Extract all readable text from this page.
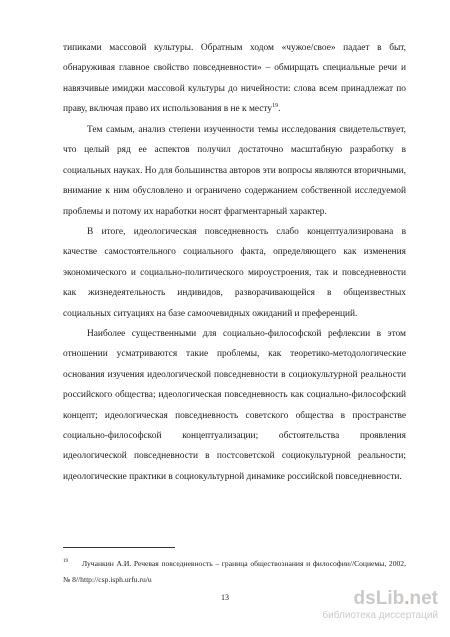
типиками массовой культуры. Обратным ходом «чужое/свое» падает в быт, обнаруживая главное свойство повседневности» – обмирщать специальные речи и навязчивые имиджи массовой культуры до ничейности: слова всем принадлежат по праву, включая право их использования в не к месту$^{19}$.

Тем самым, анализ степени изученности темы исследования свидетельствует, что целый ряд ее аспектов получил достаточно масштабную разработку в социальных науках. Но для большинства авторов эти вопросы являются вторичными, внимание к ним обусловлено и ограничено содержанием собственной исследуемой проблемы и потому их наработки носят фрагментарный характер.

В итоге, идеологическая повседневность слабо концептуализирована в качестве самостоятельного социального факта, определяющего как изменения экономического и социально-политического мироустроения, так и повседневности как жизнедеятельность индивидов, разворачивающейся в общеизвестных социальных ситуациях на базе самоочевидных ожиданий и преференций.

Наиболее существенными для социально-философской рефлексии в этом отношении усматриваются такие проблемы, как теоретико-методологические основания изучения идеологической повседневности в социокультурной реальности российского общества; идеологическая повседневность как социально-философский концепт; идеологическая повседневность советского общества в пространстве социально-философской концептуализации; обстоятельства проявления идеологической повседневности в постсоветской социокультурной реальности; идеологические практики в социокультурной динамике российской повседневности.

$^{19}$ Лучанкин А.И. Речевая повседневность – граница обществознания и философии//Социемы, 2002, № 8//http://csp.isph.urfu.ru/u

13	dsLib.net
библиотека диссертаций
